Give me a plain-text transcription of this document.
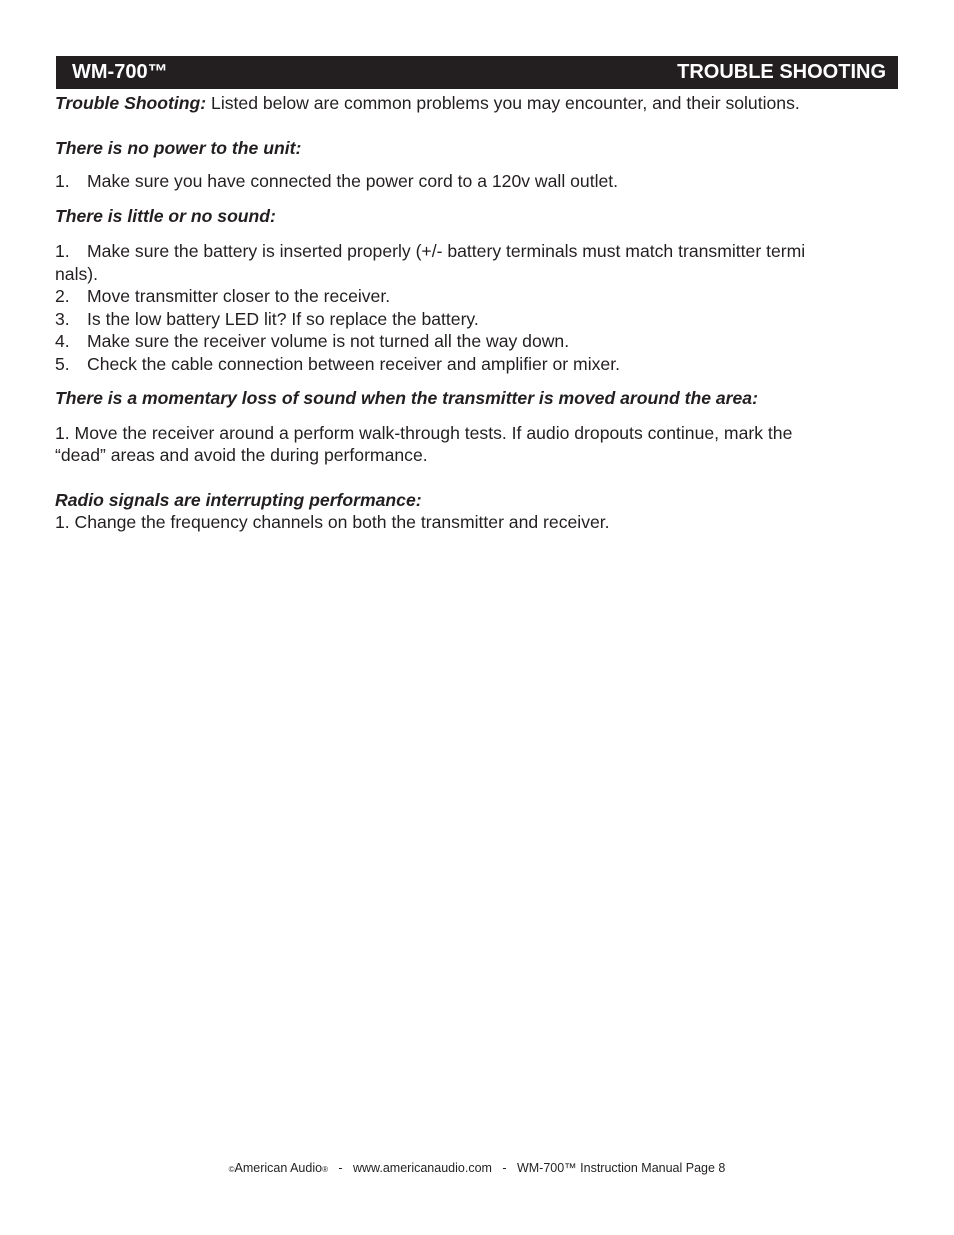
WM-700™	TROUBLE SHOOTING

Trouble Shooting: Listed below are common problems you may encounter, and their solutions.

There is no power to the unit:

1. Make sure you have connected the power cord to a 120v wall outlet.

There is little or no sound:

1. Make sure the battery is inserted properly (+/- battery terminals must match transmitter termi
nals).
2. Move transmitter closer to the receiver.
3. Is the low battery LED lit? If so replace the battery.
4. Make sure the receiver volume is not turned all the way down.
5. Check the cable connection between receiver and amplifier or mixer.

There is a momentary loss of sound when the transmitter is moved around the area:

1. Move the receiver around a perform walk-through tests. If audio dropouts continue, mark the

“dead” areas and avoid the during performance.

Radio signals are interrupting performance:

1. Change the frequency channels on both the transmitter and receiver.

©American Audio® - www.americanaudio.com - WM-700™ Instruction Manual Page 8
